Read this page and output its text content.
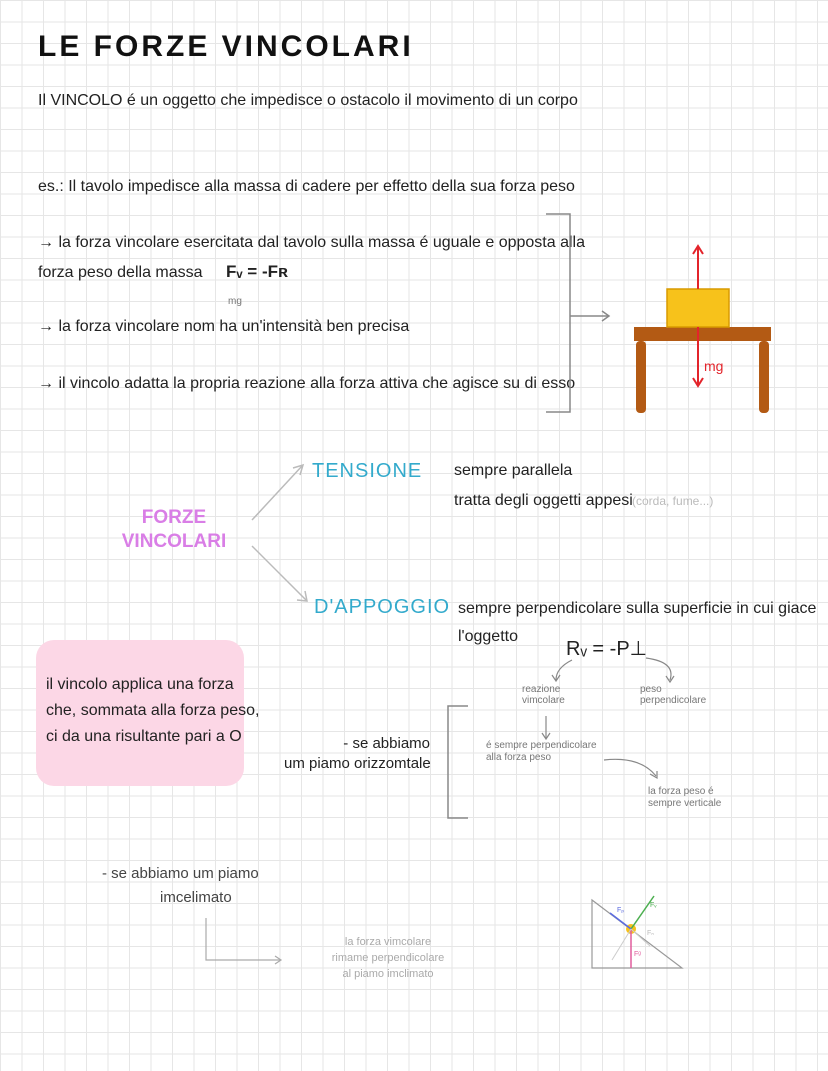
LE FORZE VINCOLARI
Il VINCOLO é un oggetto che impedisce o ostacolo il movimento di un corpo
es.: Il tavolo impedisce alla massa di cadere per effetto della sua forza peso
→ la forza vincolare esercitata dal tavolo sulla massa é uguale e opposta alla
forza peso della massa Fᵥ = -Fʀ
mg
→ la forza vincolare nom ha un'intensità ben precisa
→ il vincolo adatta la propria reazione alla forza attiva che agisce su di esso
mg
FORZE
VINCOLARI
TENSIONE sempre parallela
tratta degli oggetti appesi (corda, fume...)
D'APPOGGIO sempre perpendicolare sulla superficie in cui giace
l'oggetto
Rᵥ = -P⊥
reazione
vimcolare
peso
perpendicolare
il vincolo applica una forza
che, sommata alla forza peso,
ci da una risultante pari a O	- se abbiamo
um piamo orizzomtale
é sempre perpendicolare
alla forza peso
la forza peso é
sempre verticale
- se abbiamo um piamo
imcelimato
la forza vimcolare
rimame perpendicolare
al piamo imclimato
Fₚ
Fᵥ
Fₙ
Fᵍ
